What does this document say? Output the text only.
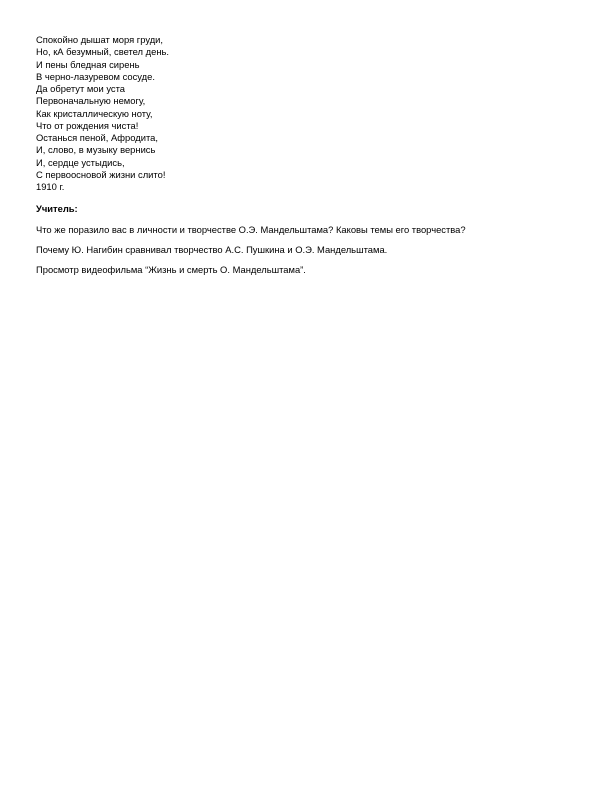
Спокойно дышат моря груди,
Но, кА безумный, светел день.
И пены бледная сирень
В черно-лазуревом сосуде.
Да обретут мои уста
Первоначальную немогу,
Как кристаллическую ноту,
Что от рождения чиста!
Останься пеной, Афродита,
И, слово, в музыку вернись
И, сердце устыдись,
С первоосновой жизни слито!
1910 г.
Учитель:
Что же поразило вас в личности и творчестве О.Э. Мандельштама? Каковы темы его творчества?
Почему Ю. Нагибин сравнивал творчество А.С. Пушкина и О.Э. Мандельштама.
Просмотр видеофильма “Жизнь и смерть О. Мандельштама”.
